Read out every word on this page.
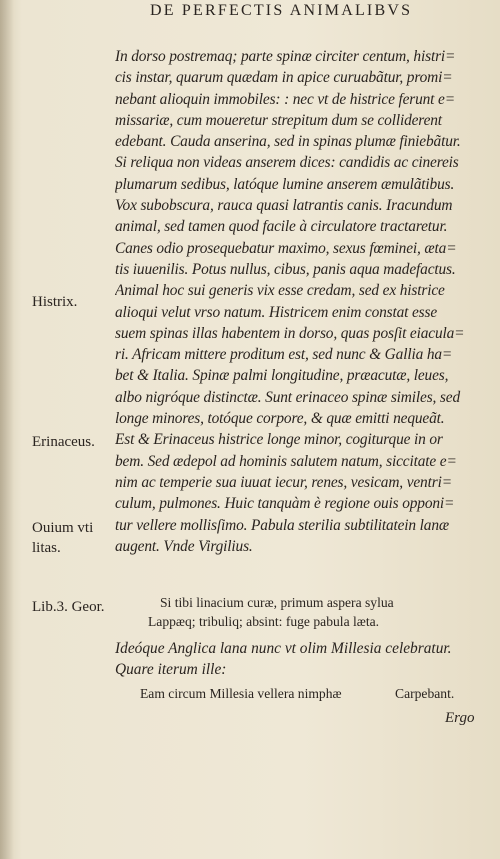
DE PERFECTIS ANIMALIBVS
In dorso postremaq; parte spinæ circiter centum, histri=
cis instar, quarum quædam in apice curuabãtur, promi=
nebant alioquin immobiles: : nec vt de histrice ferunt e=
missariæ, cum moueretur strepitum dum se colliderent
edebant. Cauda anserina, sed in spinas plumæ finiebãtur.
Si reliqua non videas anserem dices: candidis ac cinereis
plumarum sedibus, latóque lumine anserem æmulãtibus.
Vox subobscura, rauca quasi latrantis canis. Iracundum
animal, sed tamen quod facile à circulatore tractaretur.
Canes odio prosequebatur maximo, sexus fœminei, æta=
tis iuuenilis. Potus nullus, cibus, panis aqua madefactus.
Animal hoc sui generis vix esse credam, sed ex histrice
alioqui velut vrso natum. Histricem enim constat esse
suem spinas illas habentem in dorso, quas posſit eiacula=
ri. Africam mittere proditum est, sed nunc & Gallia ha=
bet & Italia. Spinæ palmi longitudine, præacutæ, leues,
albo nigróque distinctæ. Sunt erinaceo spinæ similes, sed
longe minores, totóque corpore, & quæ emitti nequeãt.
Est & Erinaceus histrice longe minor, cogiturque in or
bem. Sed ædepol ad hominis salutem natum, siccitate e=
nim ac temperie sua iuuat iecur, renes, vesicam, ventri=
culum, pulmones. Huic tanquàm è regione ouis opponi=
tur vellere mollisſimo. Pabula sterilia subtilitatein lanæ
augent. Vnde Virgilius.
Histrix.
Erinaceus.
Ouium vti
litas.
Lib.3. Geor.	Si tibi linacium curæ, primum aspera sylua
Lappæq; tribuliq; absint: fuge pabula læta.
Ideóque Anglica lana nunc vt olim Millesia celebratur.
Quare iterum ille:
Eam circum Millesia vellera nimphæ	Carpebant.
Ergo
